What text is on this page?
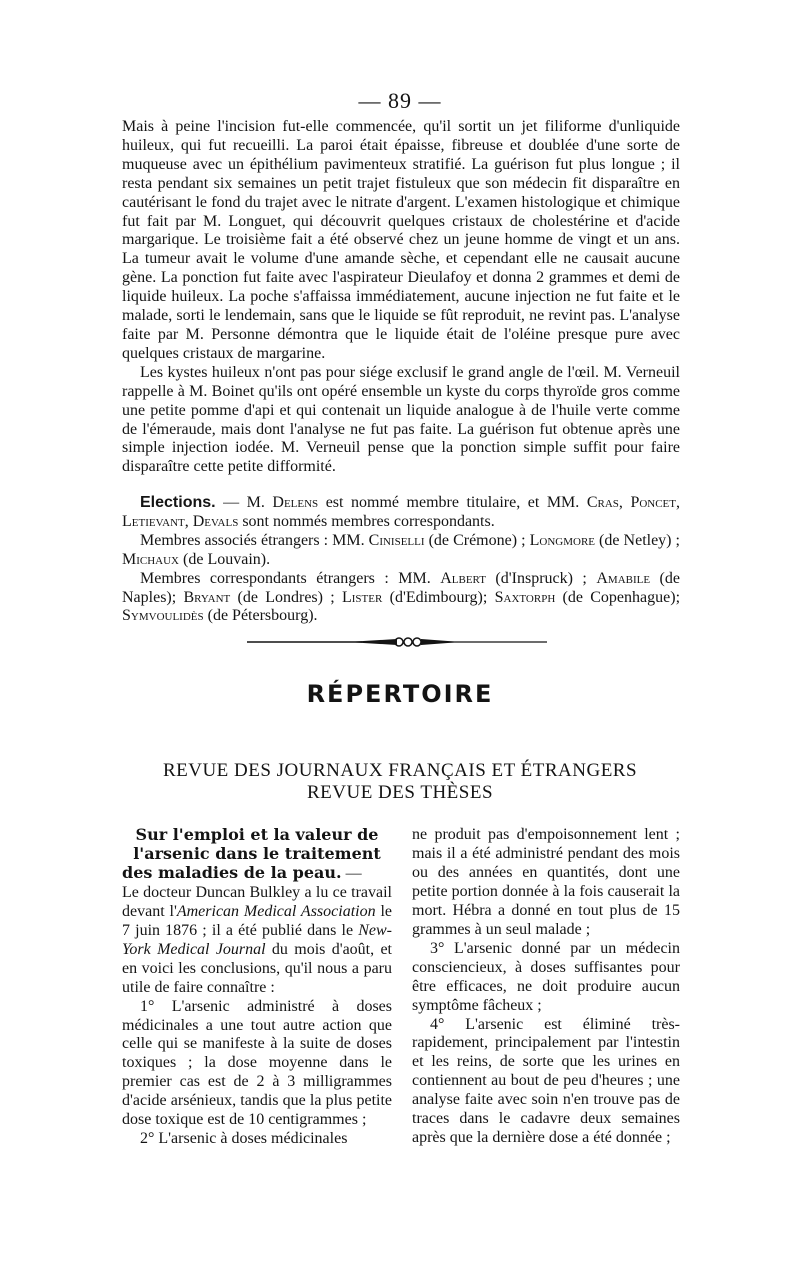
— 89 —

Mais à peine l'incision fut-elle commencée, qu'il sortit un jet filiforme d'unliquide huileux, qui fut recueilli. La paroi était épaisse, fibreuse et doublée d'une sorte de muqueuse avec un épithélium pavimenteux stratifié. La guérison fut plus longue ; il resta pendant six semaines un petit trajet fistuleux que son médecin fit disparaître en cautérisant le fond du trajet avec le nitrate d'argent. L'examen histologique et chimique fut fait par M. Longuet, qui découvrit quelques cristaux de cholestérine et d'acide margarique. Le troisième fait a été observé chez un jeune homme de vingt et un ans. La tumeur avait le volume d'une amande sèche, et cependant elle ne causait aucune gène. La ponction fut faite avec l'aspirateur Dieulafoy et donna 2 grammes et demi de liquide huileux. La poche s'affaissa immédiatement, aucune injection ne fut faite et le malade, sorti le lendemain, sans que le liquide se fût reproduit, ne revint pas. L'analyse faite par M. Personne démontra que le liquide était de l'oléine presque pure avec quelques cristaux de margarine.

Les kystes huileux n'ont pas pour siége exclusif le grand angle de l'œil. M. Verneuil rappelle à M. Boinet qu'ils ont opéré ensemble un kyste du corps thyroïde gros comme une petite pomme d'api et qui contenait un liquide analogue à de l'huile verte comme de l'émeraude, mais dont l'analyse ne fut pas faite. La guérison fut obtenue après une simple injection iodée. M. Verneuil pense que la ponction simple suffit pour faire disparaître cette petite difformité.

Elections. — M. Delens est nommé membre titulaire, et MM. Cras, Poncet, Letievant, Devals sont nommés membres correspondants.

Membres associés étrangers : MM. Ciniselli (de Crémone) ; Longmore (de Netley) ; Michaux (de Louvain).

Membres correspondants étrangers : MM. Albert (d'Inspruck) ; Amabile (de Naples); Bryant (de Londres) ; Lister (d'Edimbourg); Saxtorph (de Copenhague); Symvoulidès (de Pétersbourg).

RÉPERTOIRE
REVUE DES JOURNAUX FRANÇAIS ET ÉTRANGERS
REVUE DES THÈSES

Sur l'emploi et la valeur de
l'arsenic dans le traitement
des maladies de la peau. —

Le docteur Duncan Bulkley a lu ce travail devant l'American Medical Association le 7 juin 1876 ; il a été publié dans le New-York Medical Journal du mois d'août, et en voici les conclusions, qu'il nous a paru utile de faire connaître :

1° L'arsenic administré à doses médicinales a une tout autre action que celle qui se manifeste à la suite de doses toxiques ; la dose moyenne dans le premier cas est de 2 à 3 milligrammes d'acide arsénieux, tandis que la plus petite dose toxique est de 10 centigrammes ;

2° L'arsenic à doses médicinales

ne produit pas d'empoisonnement lent ; mais il a été administré pendant des mois ou des années en quantités, dont une petite portion donnée à la fois causerait la mort. Hébra a donné en tout plus de 15 grammes à un seul malade ;

3° L'arsenic donné par un médecin consciencieux, à doses suffisantes pour être efficaces, ne doit produire aucun symptôme fâcheux ;

4° L'arsenic est éliminé très-rapidement, principalement par l'intestin et les reins, de sorte que les urines en contiennent au bout de peu d'heures ; une analyse faite avec soin n'en trouve pas de traces dans le cadavre deux semaines après que la dernière dose a été donnée ;
